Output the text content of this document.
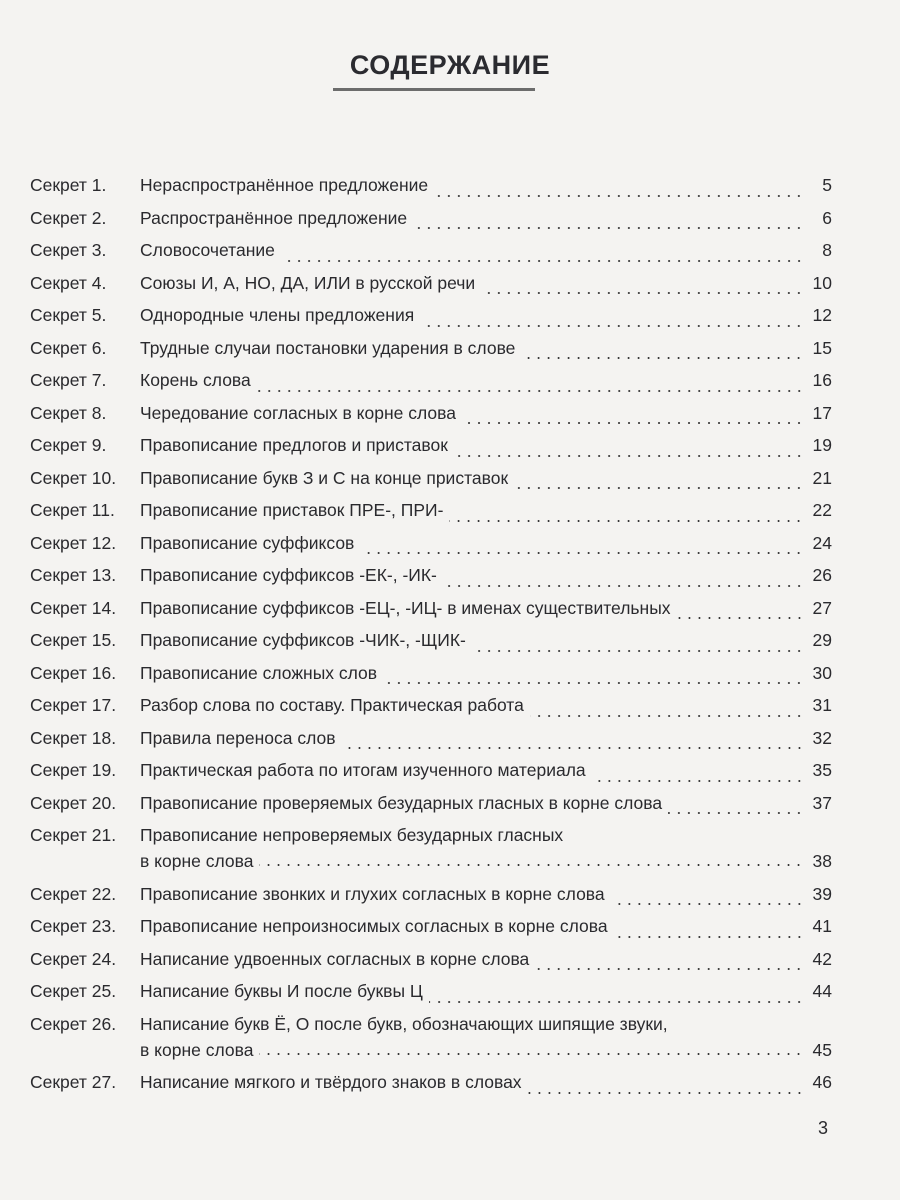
СОДЕРЖАНИЕ
Секрет 1.	Нераспространённое предложение	5
Секрет 2.	Распространённое предложение	6
Секрет 3.	Словосочетание	8
Секрет 4.	Союзы И, А, НО, ДА, ИЛИ в русской речи	10
Секрет 5.	Однородные члены предложения	12
Секрет 6.	Трудные случаи постановки ударения в слове	15
Секрет 7.	Корень слова	16
Секрет 8.	Чередование согласных в корне слова	17
Секрет 9.	Правописание предлогов и приставок	19
Секрет 10.	Правописание букв З и С на конце приставок	21
Секрет 11.	Правописание приставок ПРЕ-, ПРИ-	22
Секрет 12.	Правописание суффиксов	24
Секрет 13.	Правописание суффиксов -ЕК-, -ИК-	26
Секрет 14.	Правописание суффиксов -ЕЦ-, -ИЦ- в именах существительных	27
Секрет 15.	Правописание суффиксов -ЧИК-, -ЩИК-	29
Секрет 16.	Правописание сложных слов	30
Секрет 17.	Разбор слова по составу. Практическая работа	31
Секрет 18.	Правила переноса слов	32
Секрет 19.	Практическая работа по итогам изученного материала	35
Секрет 20.	Правописание проверяемых безударных гласных в корне слова	37
Секрет 21.	Правописание непроверяемых безударных гласных
в корне слова	38
Секрет 22.	Правописание звонких и глухих согласных в корне слова	39
Секрет 23.	Правописание непроизносимых согласных в корне слова	41
Секрет 24.	Написание удвоенных согласных в корне слова	42
Секрет 25.	Написание буквы И после буквы Ц	44
Секрет 26.	Написание букв Ё, О после букв, обозначающих шипящие звуки,
в корне слова	45
Секрет 27.	Написание мягкого и твёрдого знаков в словах	46
3
